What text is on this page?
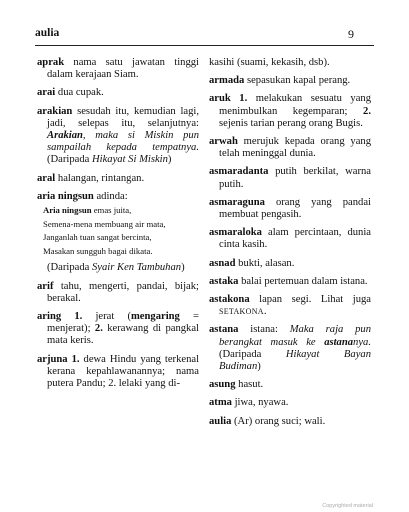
aulia	9

aprak nama satu jawatan tinggi dalam kerajaan Siam.

arai dua cupak.

arakian sesudah itu, kemudian lagi, jadi, selepas itu, selanjutnya: Arakian, maka si Miskin pun sampailah kepada tempatnya. (Daripada Hikayat Si Miskin)

aral halangan, rintangan.

aria ningsun adinda:

Aria ningsun emas juita,
Semena-mena membuang air mata,
Janganlah tuan sangat bercinta,
Masakan sungguh bagai dikata.

(Daripada Syair Ken Tambuhan)

arif tahu, mengerti, pandai, bijak; berakal.

aring 1. jerat (mengaring = menjerat); 2. kerawang di pangkal mata keris.

arjuna 1. dewa Hindu yang terkenal kerana kepahlawanannya; nama putera Pandu; 2. lelaki yang di-

kasihi (suami, kekasih, dsb).

armada sepasukan kapal perang.

aruk 1. melakukan sesuatu yang menimbulkan kegemparan; 2. sejenis tarian perang orang Bugis.

arwah merujuk kepada orang yang telah meninggal dunia.

asmaradanta putih berkilat, warna putih.

asmaraguna orang yang pandai membuat pengasih.

asmaraloka alam percintaan, dunia cinta kasih.

asnad bukti, alasan.

astaka balai pertemuan dalam istana.

astakona lapan segi. Lihat juga SETAKONA.

astana istana: Maka raja pun berangkat masuk ke astananya. (Daripada Hikayat Bayan Budiman)

asung hasut.

atma jiwa, nyawa.

aulia (Ar) orang suci; wali.

Copyrighted material
